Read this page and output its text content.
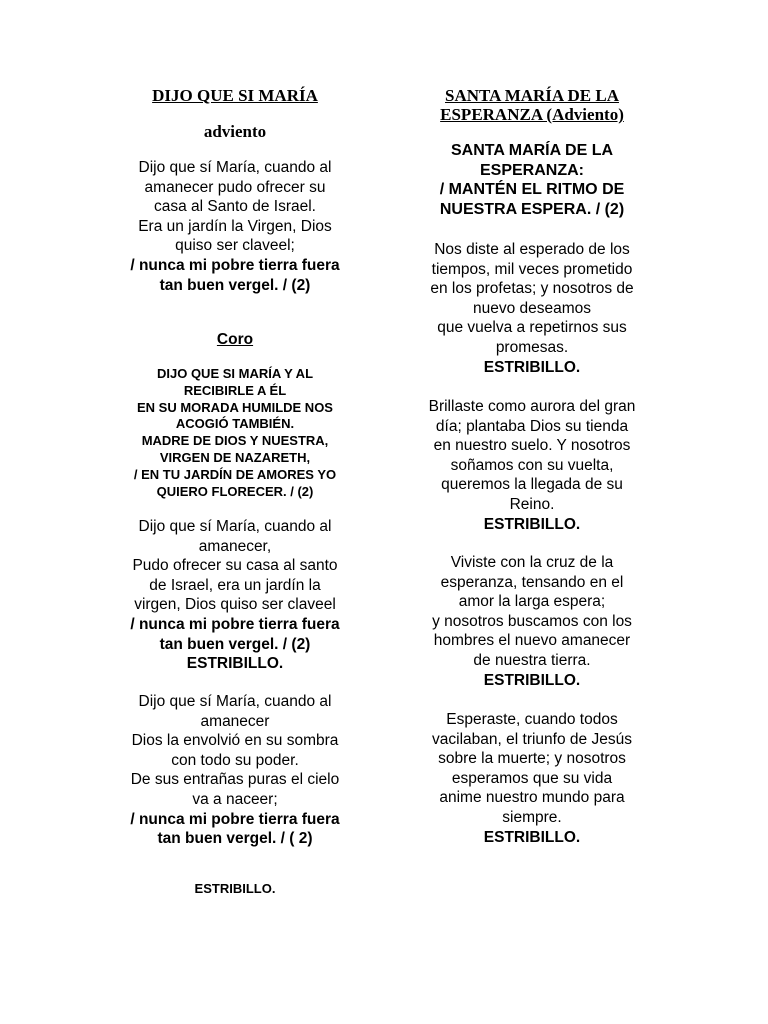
DIJO QUE SI MARÍA
adviento
Dijo que sí María, cuando al
amanecer pudo ofrecer su
casa al Santo de Israel.
Era un jardín la Virgen, Dios
quiso ser claveel;
/ nunca mi pobre tierra fuera
tan buen vergel. / (2)
Coro
DIJO QUE SI MARÍA Y AL
RECIBIRLE A ÉL
EN SU MORADA HUMILDE NOS
ACOGIÓ TAMBIÉN.
MADRE DE DIOS Y NUESTRA,
VIRGEN DE NAZARETH,
/ EN TU JARDÍN DE AMORES YO
QUIERO FLORECER. / (2)
Dijo que sí María, cuando al
amanecer,
Pudo ofrecer su casa al santo
de Israel, era un jardín la
virgen, Dios quiso ser claveel
/ nunca mi pobre tierra fuera
tan buen vergel. / (2)
ESTRIBILLO.
Dijo que sí María, cuando al
amanecer
Dios la envolvió en su sombra
con todo su poder.
De sus entrañas puras el cielo
va a naceer;
/ nunca mi pobre tierra fuera
tan buen vergel. / ( 2)
ESTRIBILLO.
SANTA MARÍA DE LA
ESPERANZA (Adviento)
SANTA MARÍA DE LA
ESPERANZA:
/ MANTÉN EL RITMO DE
NUESTRA ESPERA. / (2)
Nos diste al esperado de los
tiempos, mil veces prometido
en los profetas; y nosotros de
nuevo deseamos
que vuelva a repetirnos sus
promesas.
ESTRIBILLO.
Brillaste como aurora del gran
día; plantaba Dios su tienda
en nuestro suelo. Y nosotros
soñamos con su vuelta,
queremos la llegada de su
Reino.
ESTRIBILLO.
Viviste con la cruz de la
esperanza, tensando en el
amor la larga espera;
y nosotros buscamos con los
hombres el nuevo amanecer
de nuestra tierra.
ESTRIBILLO.
Esperaste, cuando todos
vacilaban, el triunfo de Jesús
sobre la muerte; y nosotros
esperamos que su vida
anime nuestro mundo para
siempre.
ESTRIBILLO.
